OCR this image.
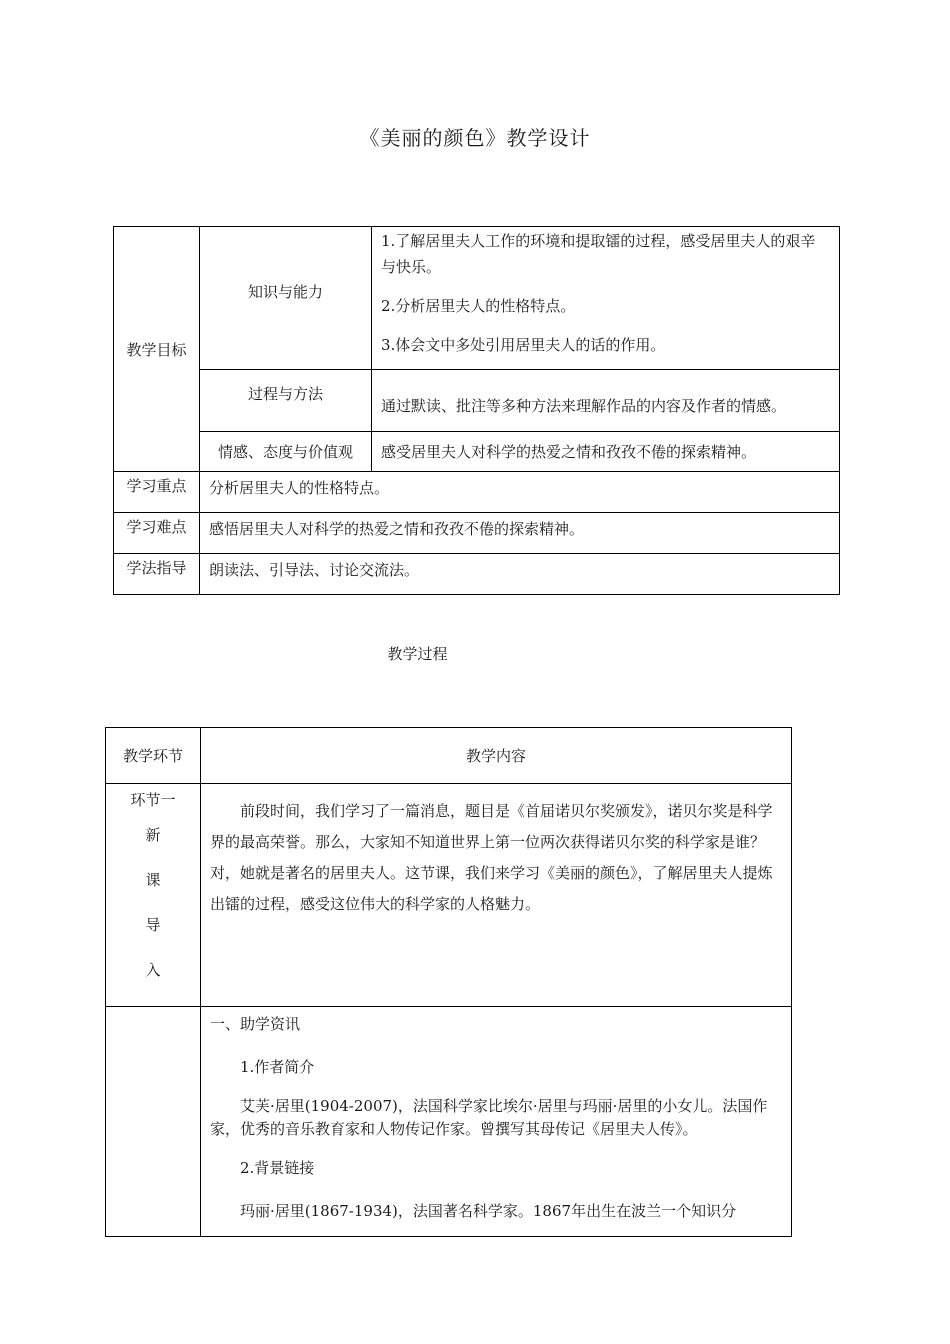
《美丽的颜色》教学设计
教学目标	知识与能力	1.了解居里夫人工作的环境和提取镭的过程，感受居里夫人的艰辛与快乐。

2.分析居里夫人的性格特点。

3.体会文中多处引用居里夫人的话的作用。

	过程与方法	通过默读、批注等多种方法来理解作品的内容及作者的情感。
	情感、态度与价值观	感受居里夫人对科学的热爱之情和孜孜不倦的探索精神。
学习重点	分析居里夫人的性格特点。	
学习难点	感悟居里夫人对科学的热爱之情和孜孜不倦的探索精神。	
学法指导	朗读法、引导法、讨论交流法。	
教学过程
教学环节	教学内容

环节一
新
课
导
入	前段时间，我们学习了一篇消息，题目是《首届诺贝尔奖颁发》，诺贝尔奖是科学界的最高荣誉。那么，大家知不知道世界上第一位两次获得诺贝尔奖的科学家是谁？对，她就是著名的居里夫人。这节课，我们来学习《美丽的颜色》，了解居里夫人提炼出镭的过程，感受这位伟大的科学家的人格魅力。

	一、助学资讯

1.作者简介

艾芙·居里(1904-2007)，法国科学家比埃尔·居里与玛丽·居里的小女儿。法国作家，优秀的音乐教育家和人物传记作家。曾撰写其母传记《居里夫人传》。

2.背景链接

玛丽·居里(1867-1934)，法国著名科学家。1867年出生在波兰一个知识分
